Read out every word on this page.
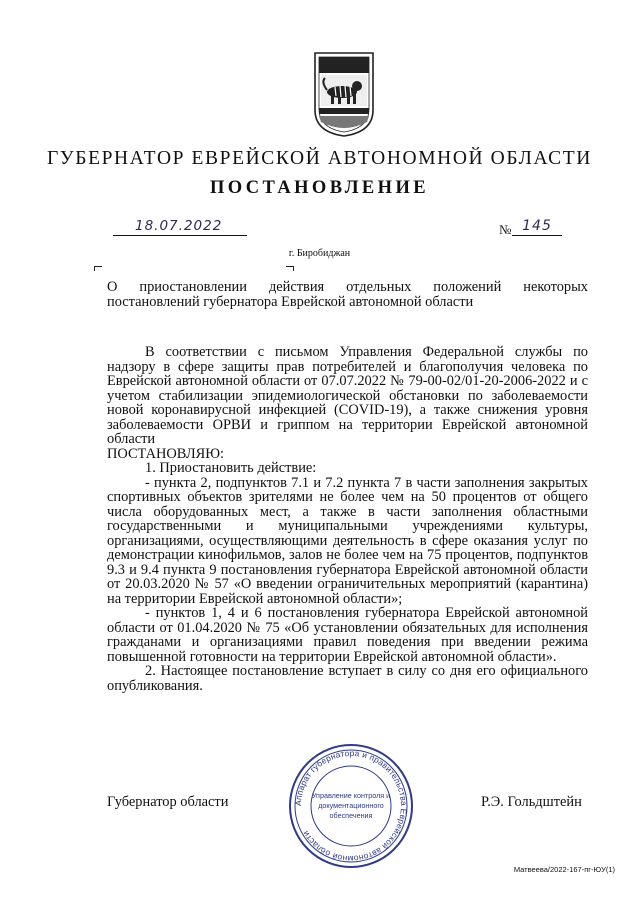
ГУБЕРНАТОР ЕВРЕЙСКОЙ АВТОНОМНОЙ ОБЛАСТИ
ПОСТАНОВЛЕНИЕ
18.07.2022	№ 145
г. Биробиджан
О приостановлении действия отдельных положений некоторых постановлений губернатора Еврейской автономной области

В соответствии с письмом Управления Федеральной службы по надзору в сфере защиты прав потребителей и благополучия человека по Еврейской автономной области от 07.07.2022 № 79-00-02/01-20-2006-2022 и с учетом стабилизации эпидемиологической обстановки по заболеваемости новой коронавирусной инфекцией (COVID-19), а также снижения уровня заболеваемости ОРВИ и гриппом на территории Еврейской автономной области

ПОСТАНОВЛЯЮ:

1. Приостановить действие:

- пункта 2, подпунктов 7.1 и 7.2 пункта 7 в части заполнения закрытых спортивных объектов зрителями не более чем на 50 процентов от общего числа оборудованных мест, а также в части заполнения областными государственными и муниципальными учреждениями культуры, организациями, осуществляющими деятельность в сфере оказания услуг по демонстрации кинофильмов, залов не более чем на 75 процентов, подпунктов 9.3 и 9.4 пункта 9 постановления губернатора Еврейской автономной области от 20.03.2020 № 57 «О введении ограничительных мероприятий (карантина) на территории Еврейской автономной области»;

- пунктов 1, 4 и 6 постановления губернатора Еврейской автономной области от 01.04.2020 № 75 «Об установлении обязательных для исполнения гражданами и организациями правил поведения при введении режима повышенной готовности на территории Еврейской автономной области».

2. Настоящее постановление вступает в силу со дня его официального опубликования.

Губернатор области	Р.Э. Гольдштейн
Аппарат губернатора и правительства Еврейской автономной области
Управление контроля и
документационного
обеспечения
Матвеева/2022-167-пг-ЮУ(1)
